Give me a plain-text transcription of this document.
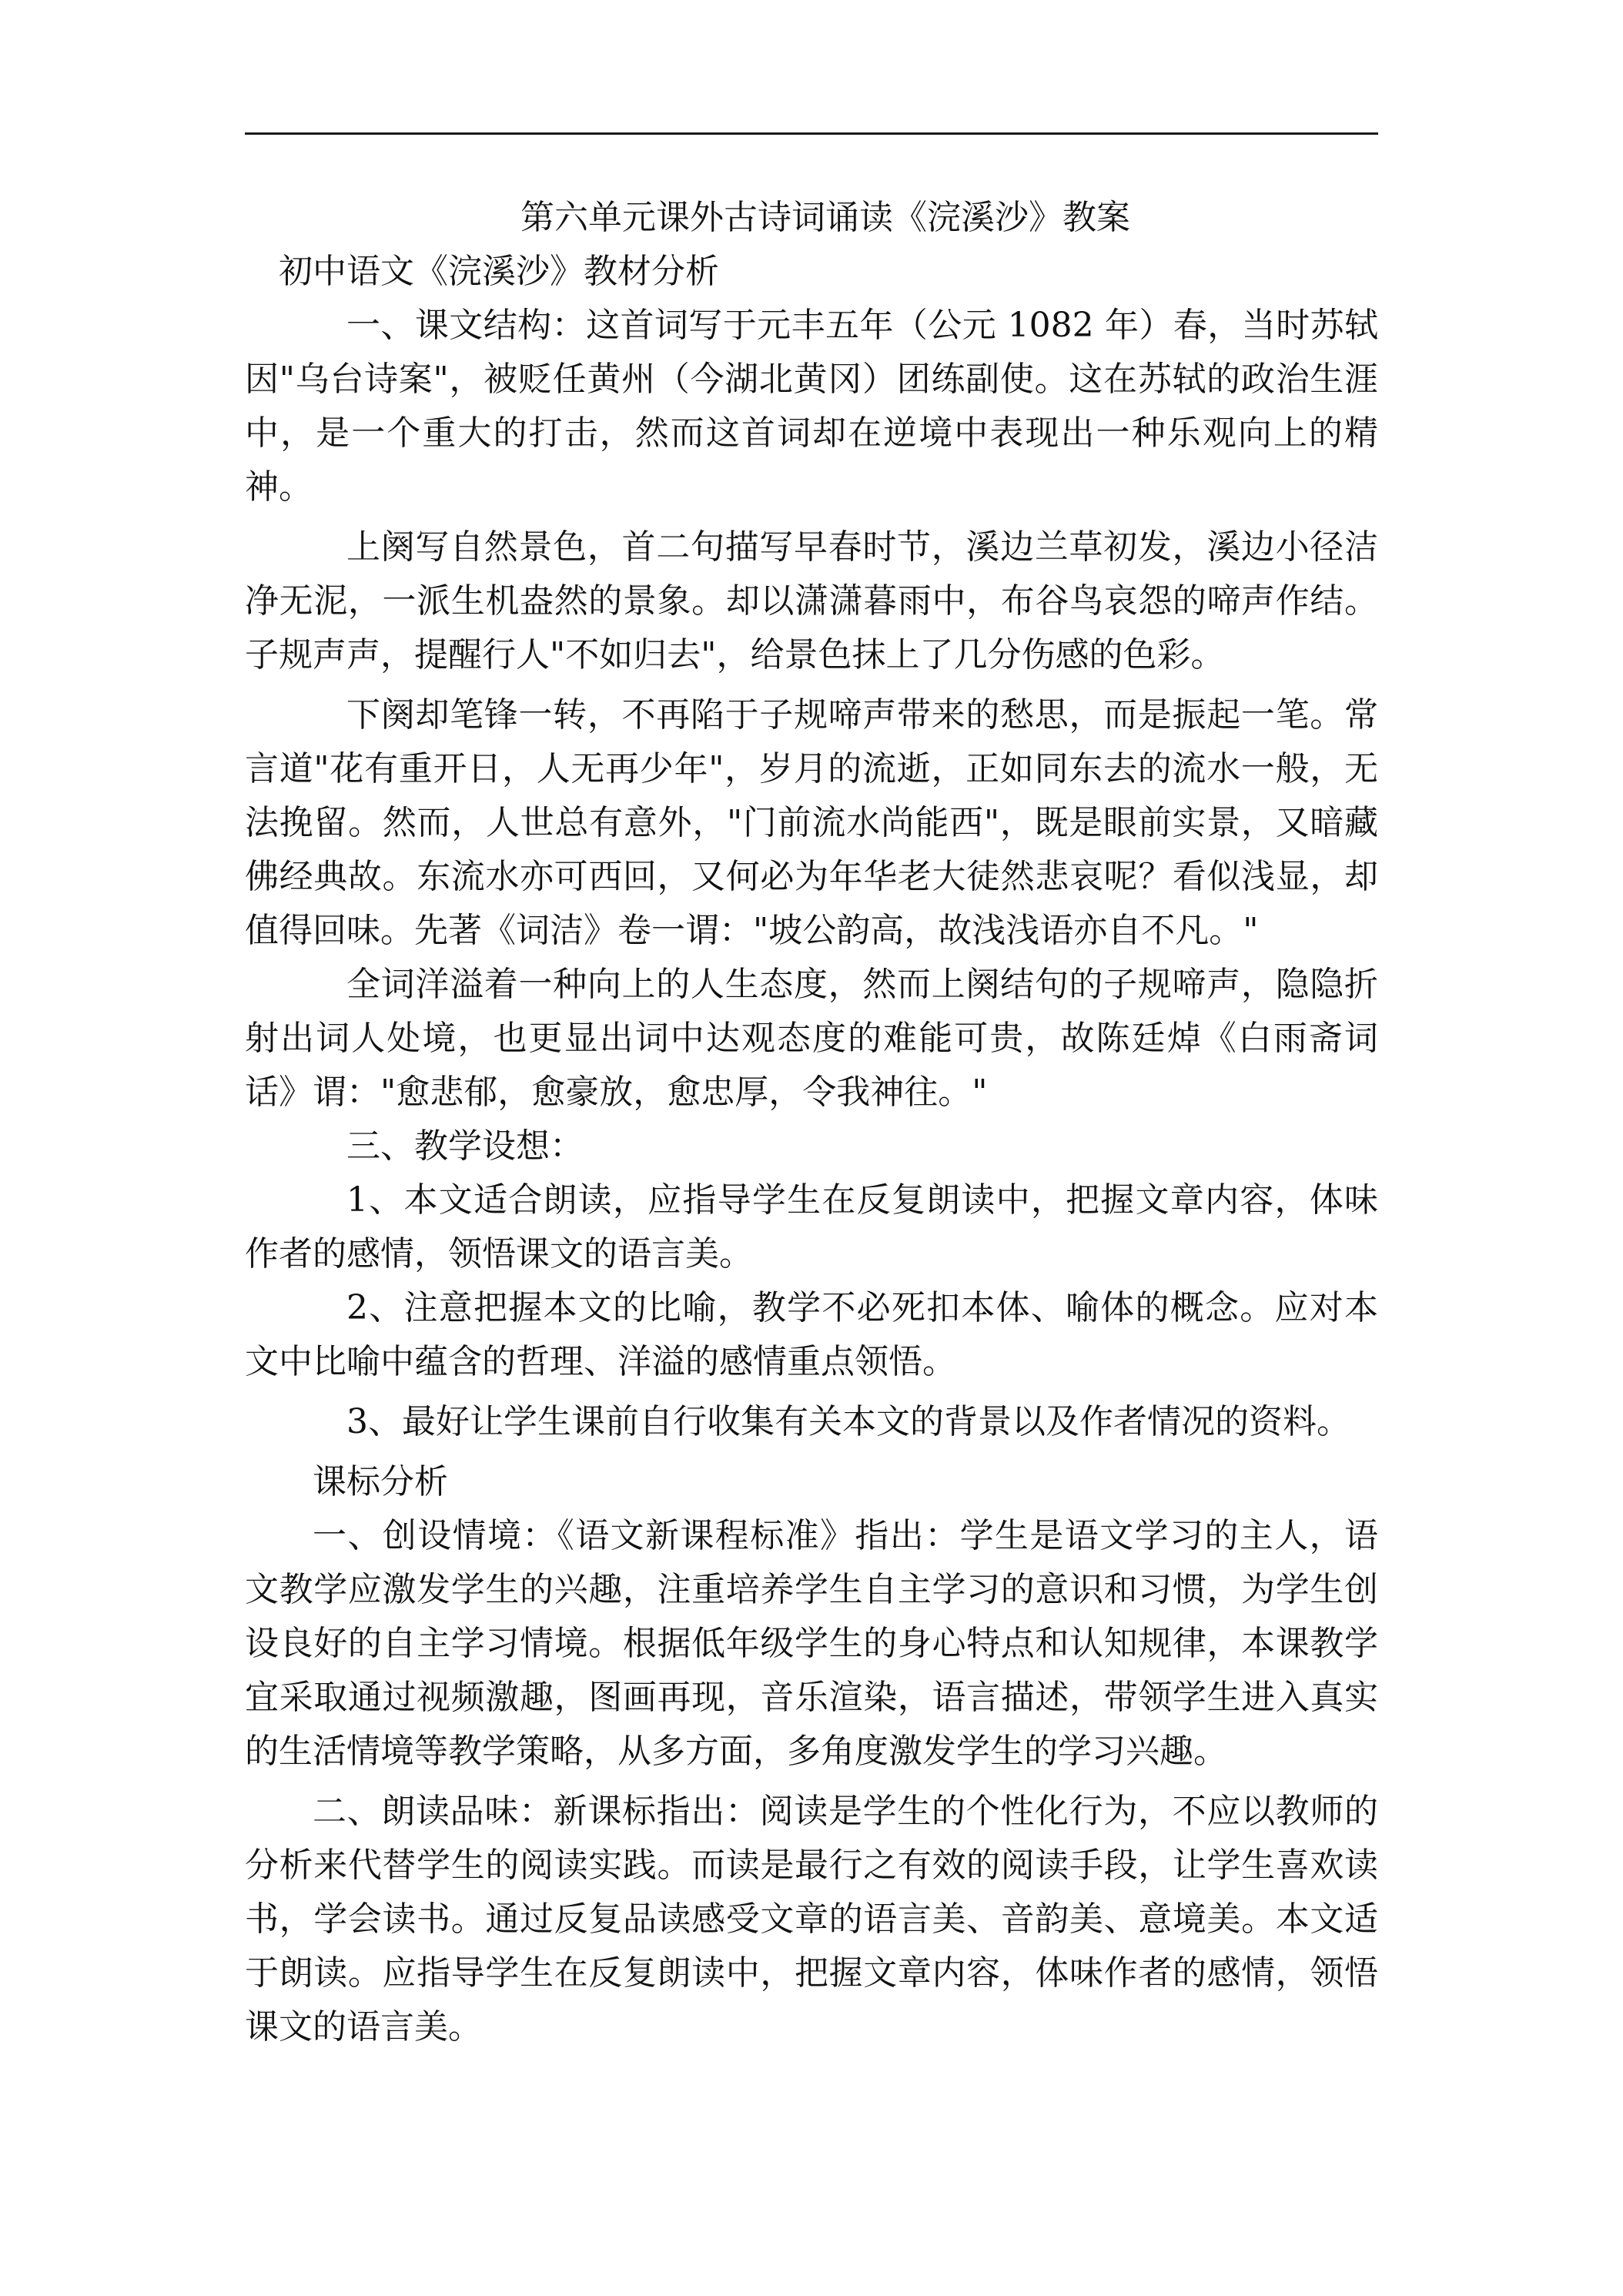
第六单元课外古诗词诵读《浣溪沙》教案

初中语文《浣溪沙》教材分析

一、课文结构：这首词写于元丰五年（公元 1082 年）春，当时苏轼因"乌台诗案"，被贬任黄州（今湖北黄冈）团练副使。这在苏轼的政治生涯中，是一个重大的打击，然而这首词却在逆境中表现出一种乐观向上的精神。

上阕写自然景色，首二句描写早春时节，溪边兰草初发，溪边小径洁净无泥，一派生机盎然的景象。却以潇潇暮雨中，布谷鸟哀怨的啼声作结。子规声声，提醒行人"不如归去"，给景色抹上了几分伤感的色彩。

下阕却笔锋一转，不再陷于子规啼声带来的愁思，而是振起一笔。常言道"花有重开日，人无再少年"，岁月的流逝，正如同东去的流水一般，无法挽留。然而，人世总有意外，"门前流水尚能西"，既是眼前实景，又暗藏佛经典故。东流水亦可西回，又何必为年华老大徒然悲哀呢？看似浅显，却值得回味。先著《词洁》卷一谓："坡公韵高，故浅浅语亦自不凡。"

全词洋溢着一种向上的人生态度，然而上阕结句的子规啼声，隐隐折射出词人处境，也更显出词中达观态度的难能可贵，故陈廷焯《白雨斋词话》谓："愈悲郁，愈豪放，愈忠厚，令我神往。"

三、教学设想：

1、本文适合朗读，应指导学生在反复朗读中，把握文章内容，体味作者的感情，领悟课文的语言美。

2、注意把握本文的比喻，教学不必死扣本体、喻体的概念。应对本文中比喻中蕴含的哲理、洋溢的感情重点领悟。

3、最好让学生课前自行收集有关本文的背景以及作者情况的资料。

课标分析

一、创设情境：《语文新课程标准》指出：学生是语文学习的主人，语文教学应激发学生的兴趣，注重培养学生自主学习的意识和习惯，为学生创设良好的自主学习情境。根据低年级学生的身心特点和认知规律，本课教学宜采取通过视频激趣，图画再现，音乐渲染，语言描述，带领学生进入真实的生活情境等教学策略，从多方面，多角度激发学生的学习兴趣。

二、朗读品味：新课标指出：阅读是学生的个性化行为，不应以教师的分析来代替学生的阅读实践。而读是最行之有效的阅读手段，让学生喜欢读书，学会读书。通过反复品读感受文章的语言美、音韵美、意境美。本文适于朗读。应指导学生在反复朗读中，把握文章内容，体味作者的感情，领悟课文的语言美。
